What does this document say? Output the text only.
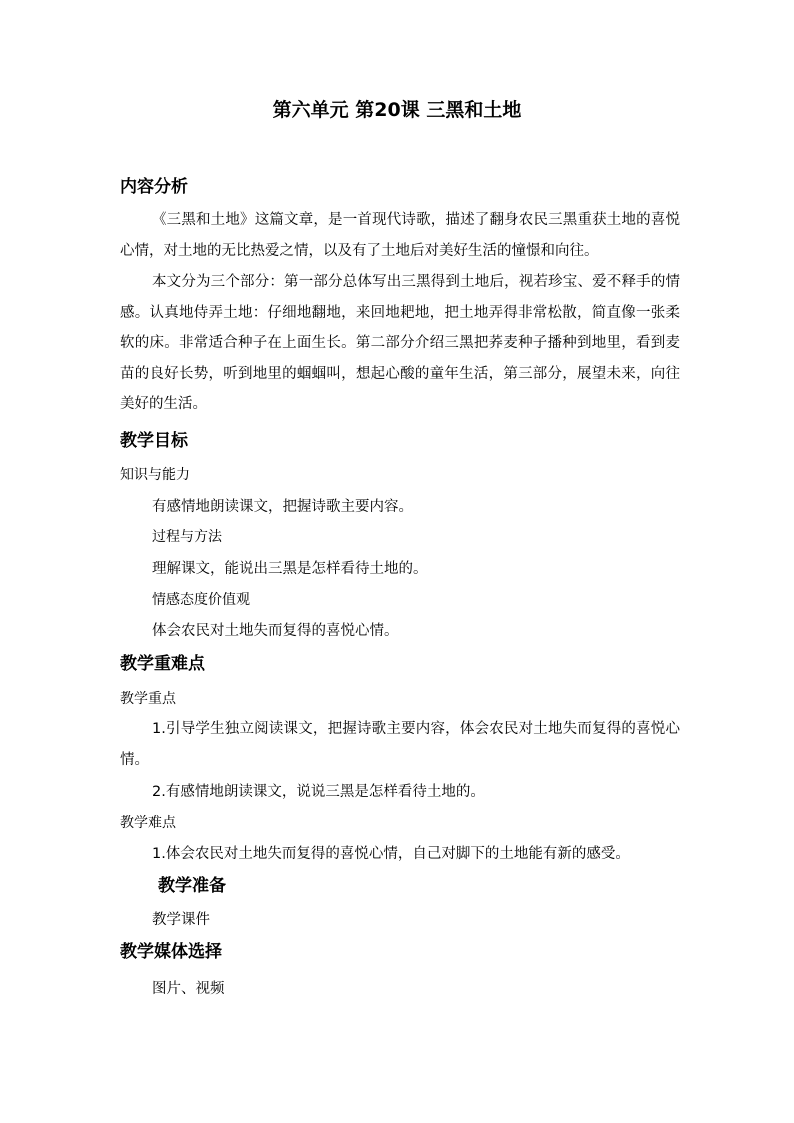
第六单元 第20课 三黑和土地
内容分析
《三黑和土地》这篇文章，是一首现代诗歌，描述了翻身农民三黑重获土地的喜悦心情，对土地的无比热爱之情，以及有了土地后对美好生活的憧憬和向往。
本文分为三个部分：第一部分总体写出三黑得到土地后，视若珍宝、爱不释手的情感。认真地侍弄土地：仔细地翻地，来回地耙地，把土地弄得非常松散，简直像一张柔软的床。非常适合种子在上面生长。第二部分介绍三黑把荞麦种子播种到地里，看到麦苗的良好长势，听到地里的蝈蝈叫，想起心酸的童年生活，第三部分，展望未来，向往美好的生活。
教学目标
知识与能力
有感情地朗读课文，把握诗歌主要内容。
过程与方法
理解课文，能说出三黑是怎样看待土地的。
情感态度价值观
体会农民对土地失而复得的喜悦心情。
教学重难点
教学重点
1.引导学生独立阅读课文，把握诗歌主要内容，体会农民对土地失而复得的喜悦心情。
2.有感情地朗读课文，说说三黑是怎样看待土地的。
教学难点
1.体会农民对土地失而复得的喜悦心情，自己对脚下的土地能有新的感受。
教学准备
教学课件
教学媒体选择
图片、视频
